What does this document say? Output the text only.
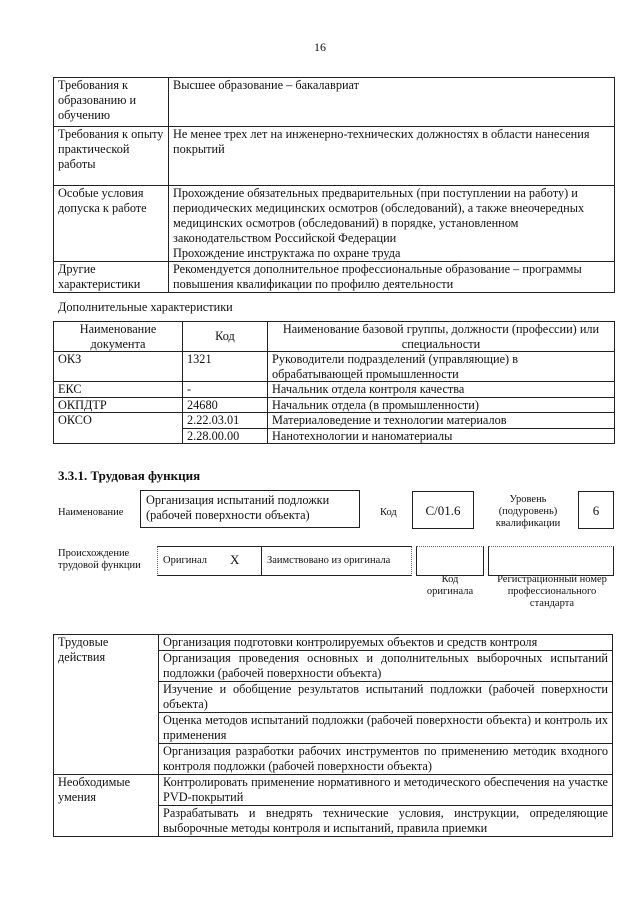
16
Требования к образованию и обучению	Высшее образование – бакалавриат
Требования к опыту практической работы	Не менее трех лет на инженерно-технических должностях в области нанесения покрытий
Особые условия допуска к работе	Прохождение обязательных предварительных (при поступлении на работу) и периодических медицинских осмотров (обследований), а также внеочередных медицинских осмотров (обследований) в порядке, установленном законодательством Российской Федерации
Прохождение инструктажа по охране труда

Другие характеристики	Рекомендуется дополнительное профессиональные образование – программы повышения квалификации по профилю деятельности
Дополнительные характеристики
Наименование документа	Код	Наименование базовой группы, должности (профессии) или специальности
ОКЗ	1321	Руководители подразделений (управляющие) в обрабатывающей промышленности
ЕКС	-	Начальник отдела контроля качества
ОКПДТР	24680	Начальник отдела (в промышленности)
ОКСО	2.22.03.01	Материаловедение и технологии материалов
	2.28.00.00	Нанотехнологии и наноматериалы
3.3.1. Трудовая функция
Наименование
Организация испытаний подложки (рабочей поверхности объекта)	Код	С/01.6
Уровень (подуровень) квалификации
6
Происхождение трудовой функции	Оригинал X	Заимствовано из оригинала
Код оригинала
Регистрационный номер профессионального стандарта
Трудовые действия	Организация подготовки контролируемых объектов и средств контроля
	Организация проведения основных и дополнительных выборочных испытаний подложки (рабочей поверхности объекта)
	Изучение и обобщение результатов испытаний подложки (рабочей поверхности объекта)
	Оценка методов испытаний подложки (рабочей поверхности объекта) и контроль их применения
	Организация разработки рабочих инструментов по применению методик входного контроля подложки (рабочей поверхности объекта)
Необходимые умения	Контролировать применение нормативного и методического обеспечения на участке PVD-покрытий
	Разрабатывать и внедрять технические условия, инструкции, определяющие выборочные методы контроля и испытаний, правила приемки
